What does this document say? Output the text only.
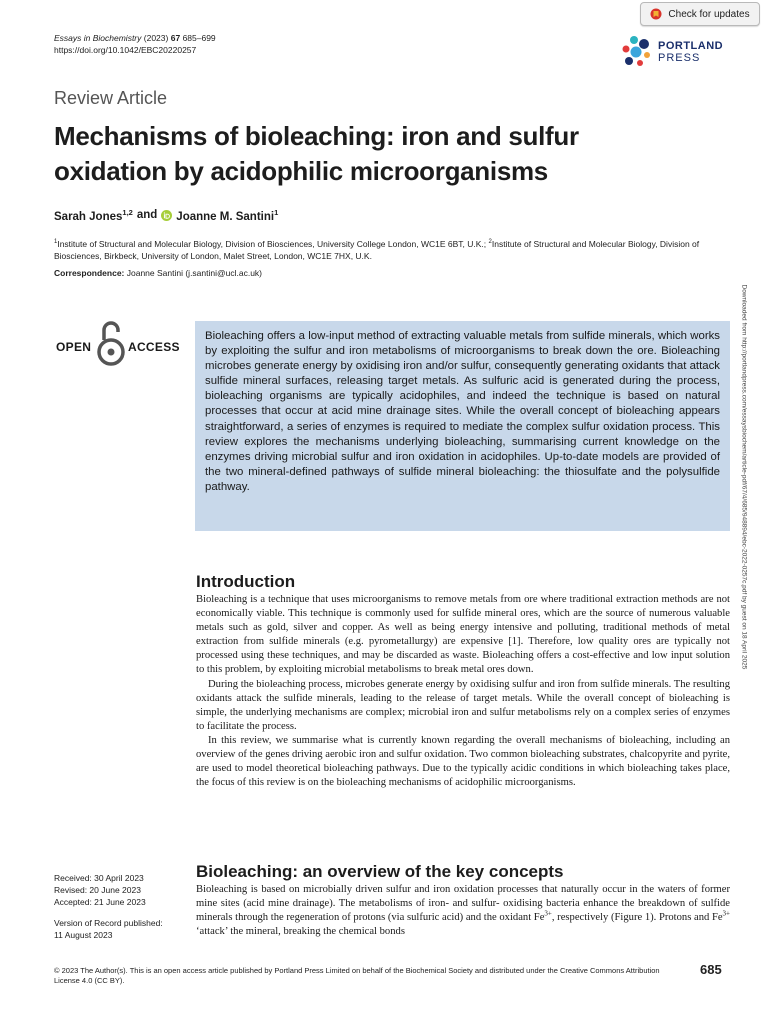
Check for updates
Essays in Biochemistry (2023) 67 685–699
https://doi.org/10.1042/EBC20220257	PORTLAND
PRESS
Review Article
Mechanisms of bioleaching: iron and sulfur oxidation by acidophilic microorganisms
Sarah Jones$^{1,2}$ and Joanne M. Santini$^1$
$^1$Institute of Structural and Molecular Biology, Division of Biosciences, University College London, WC1E 6BT, U.K.; $^2$Institute of Structural and Molecular Biology, Division of Biosciences, Birkbeck, University of London, Malet Street, London, WC1E 7HX, U.K.
Correspondence: Joanne Santini (j.santini@ucl.ac.uk)
OPEN	ACCESS
Bioleaching offers a low-input method of extracting valuable metals from sulfide minerals, which works by exploiting the sulfur and iron metabolisms of microorganisms to break down the ore. Bioleaching microbes generate energy by oxidising iron and/or sulfur, consequently generating oxidants that attack sulfide mineral surfaces, releasing target metals. As sulfuric acid is generated during the process, bioleaching organisms are typically acidophiles, and indeed the technique is based on natural processes that occur at acid mine drainage sites. While the overall concept of bioleaching appears straightforward, a series of enzymes is required to mediate the complex sulfur oxidation process. This review explores the mechanisms underlying bioleaching, summarising current knowledge on the enzymes driving microbial sulfur and iron oxidation in acidophiles. Up-to-date models are provided of the two mineral-defined pathways of sulfide mineral bioleaching: the thiosulfate and the polysulfide pathway.	Downloaded from http://portlandpress.com/essaysbiochem/article-pdf/67/4/685/948894/ebc-2022-0257c.pdf by guest on 18 April 2025
Introduction

Bioleaching is a technique that uses microorganisms to remove metals from ore where traditional extraction methods are not economically viable. This technique is commonly used for sulfide mineral ores, which are the source of numerous valuable metals such as gold, silver and copper. As well as being energy intensive and polluting, traditional methods of metal extraction from sulfide minerals (e.g. pyrometallurgy) are expensive [1]. Therefore, low quality ores are typically not processed using these techniques, and may be discarded as waste. Bioleaching offers a cost-effective and low input solution to this problem, by exploiting microbial metabolisms to break metal ores down.

During the bioleaching process, microbes generate energy by oxidising sulfur and iron from sulfide minerals. The resulting oxidants attack the sulfide minerals, leading to the release of target metals. While the overall concept of bioleaching is simple, the underlying mechanisms are complex; microbial iron and sulfur metabolisms rely on a complex series of enzymes to facilitate the process.

In this review, we summarise what is currently known regarding the overall mechanisms of bioleaching, including an overview of the genes driving aerobic iron and sulfur oxidation. Two common bioleaching substrates, chalcopyrite and pyrite, are used to model theoretical bioleaching pathways. Due to the typically acidic conditions in which bioleaching takes place, the focus of this review is on the bioleaching mechanisms of acidophilic microorganisms.

Bioleaching: an overview of the key concepts

Bioleaching is based on microbially driven sulfur and iron oxidation processes that naturally occur in the waters of former mine sites (acid mine drainage). The metabolisms of iron- and sulfur- oxidising bacteria enhance the breakdown of sulfide minerals through the regeneration of protons (via sulfuric acid) and the oxidant $Fe^{3+}$, respectively (Figure 1). Protons and $Fe^{3+}$ ‘attack’ the mineral, breaking the chemical bonds

Received: 30 April 2023
Revised: 20 June 2023
Accepted: 21 June 2023
Version of Record published:
11 August 2023
© 2023 The Author(s). This is an open access article published by Portland Press Limited on behalf of the Biochemical Society and distributed under the Creative Commons Attribution License 4.0 (CC BY).
685
